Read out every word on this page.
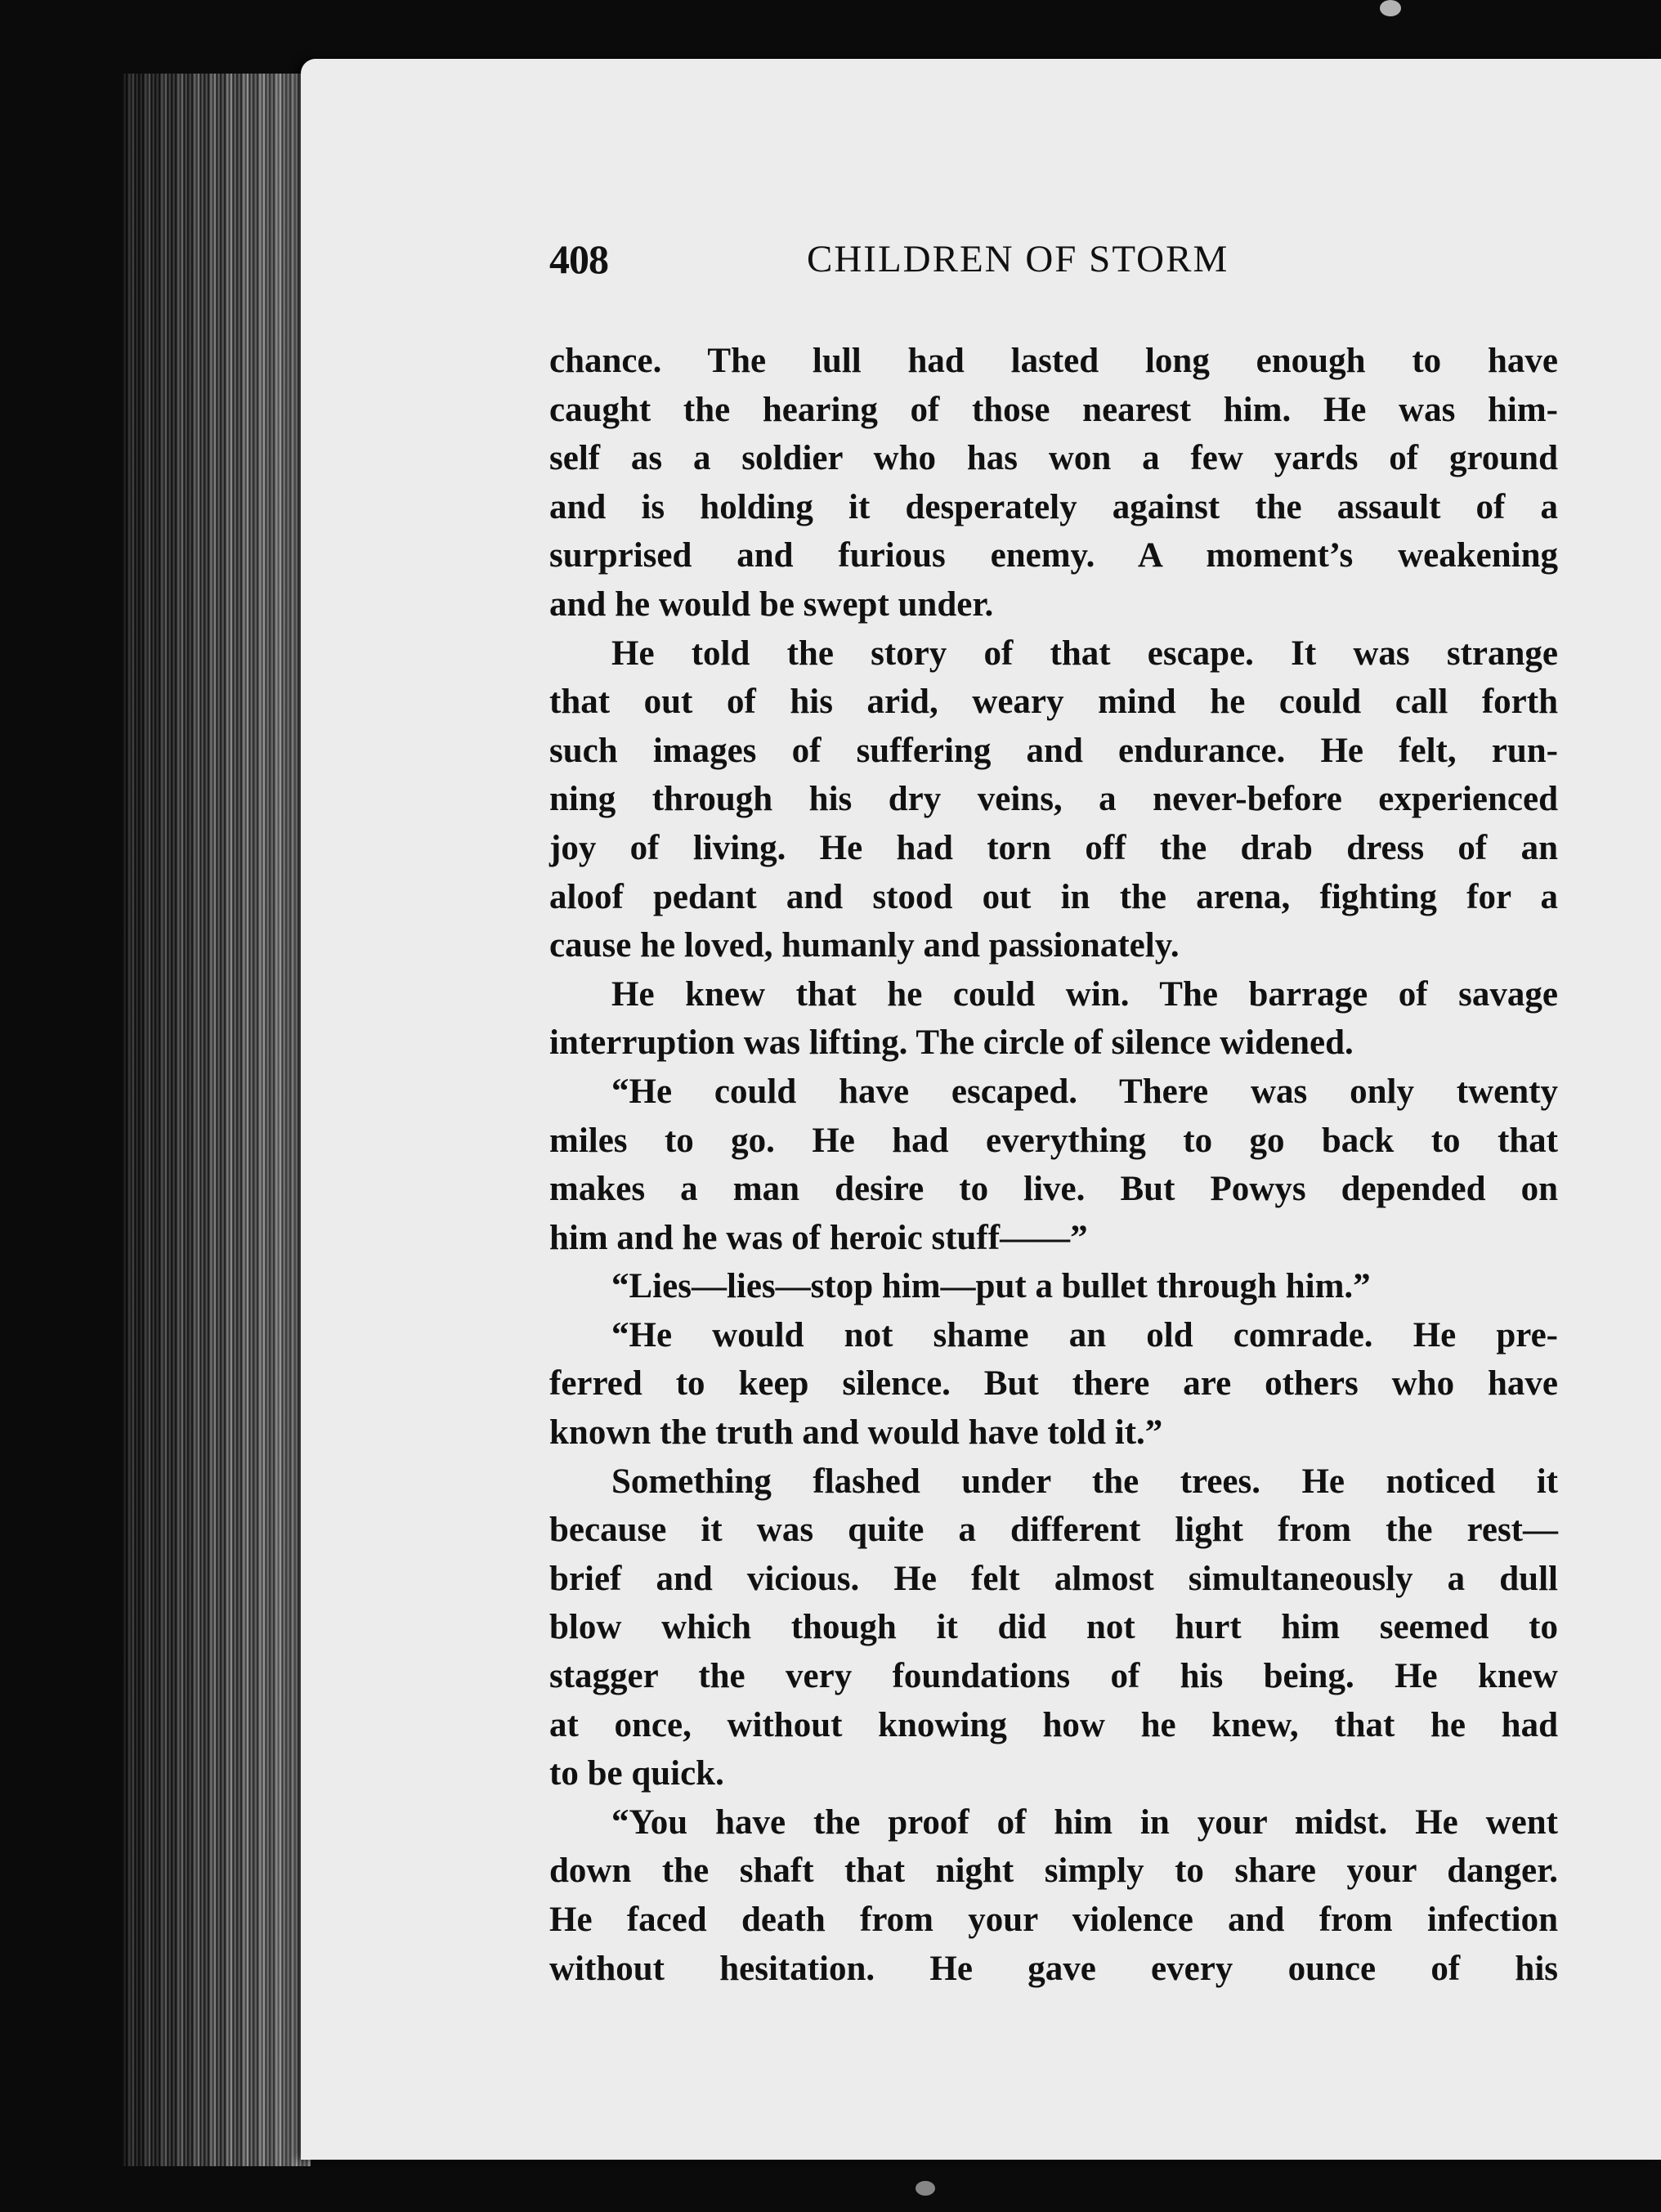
408	CHILDREN OF STORM
chance. The lull had lasted long enough to have
caught the hearing of those nearest him. He was him-
self as a soldier who has won a few yards of ground
and is holding it desperately against the assault of a
surprised and furious enemy. A moment’s weakening
and he would be swept under.
He told the story of that escape. It was strange
that out of his arid, weary mind he could call forth
such images of suffering and endurance. He felt, run-
ning through his dry veins, a never-before experienced
joy of living. He had torn off the drab dress of an
aloof pedant and stood out in the arena, fighting for a
cause he loved, humanly and passionately.
He knew that he could win. The barrage of savage
interruption was lifting. The circle of silence widened.
“He could have escaped. There was only twenty
miles to go. He had everything to go back to that
makes a man desire to live. But Powys depended on
him and he was of heroic stuff——”
“Lies—lies—stop him—put a bullet through him.”
“He would not shame an old comrade. He pre-
ferred to keep silence. But there are others who have
known the truth and would have told it.”
Something flashed under the trees. He noticed it
because it was quite a different light from the rest—
brief and vicious. He felt almost simultaneously a dull
blow which though it did not hurt him seemed to
stagger the very foundations of his being. He knew
at once, without knowing how he knew, that he had
to be quick.
“You have the proof of him in your midst. He went
down the shaft that night simply to share your danger.
He faced death from your violence and from infection
without hesitation. He gave every ounce of his
